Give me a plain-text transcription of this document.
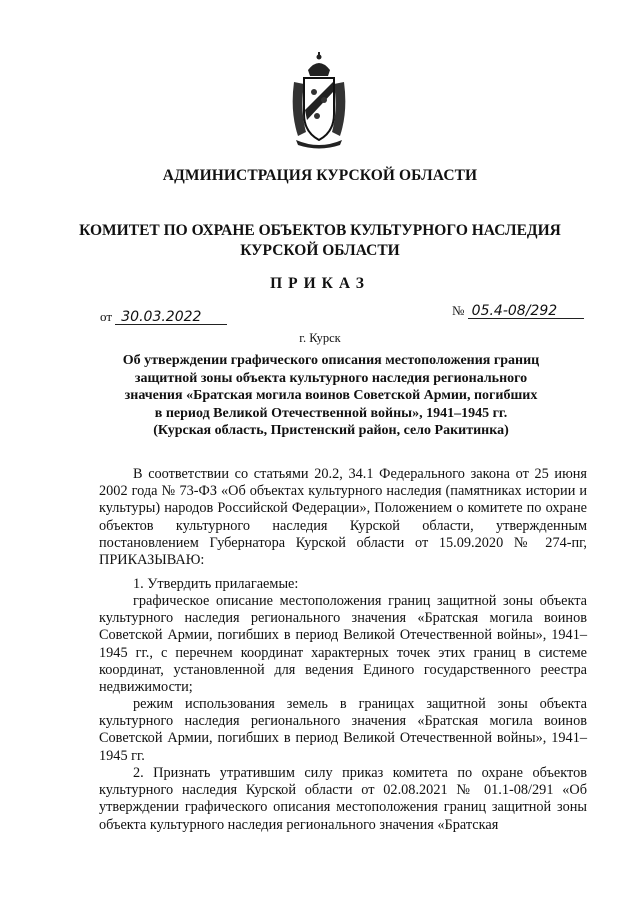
АДМИНИСТРАЦИЯ КУРСКОЙ ОБЛАСТИ
КОМИТЕТ ПО ОХРАНЕ ОБЪЕКТОВ КУЛЬТУРНОГО НАСЛЕДИЯ
КУРСКОЙ ОБЛАСТИ
ПРИКАЗ
от 30.03.2022	№ 05.4-08/292
г. Курск
Об утверждении графического описания местоположения границ
защитной зоны объекта культурного наследия регионального
значения «Братская могила воинов Советской Армии, погибших
в период Великой Отечественной войны», 1941–1945 гг.
(Курская область, Пристенский район, село Ракитинка)
В соответствии со статьями 20.2, 34.1 Федерального закона от 25 июня 2002 года № 73-ФЗ «Об объектах культурного наследия (памятниках истории и культуры) народов Российской Федерации», Положением о комитете по охране объектов культурного наследия Курской области, утвержденным постановлением Губернатора Курской области от 15.09.2020 № 274-пг, ПРИКАЗЫВАЮ:
1. Утвердить прилагаемые:
графическое описание местоположения границ защитной зоны объекта культурного наследия регионального значения «Братская могила воинов Советской Армии, погибших в период Великой Отечественной войны», 1941–1945 гг., с перечнем координат характерных точек этих границ в системе координат, установленной для ведения Единого государственного реестра недвижимости;
режим использования земель в границах защитной зоны объекта культурного наследия регионального значения «Братская могила воинов Советской Армии, погибших в период Великой Отечественной войны», 1941–1945 гг.
2. Признать утратившим силу приказ комитета по охране объектов культурного наследия Курской области от 02.08.2021 № 01.1-08/291 «Об утверждении графического описания местоположения границ защитной зоны объекта культурного наследия регионального значения «Братская
